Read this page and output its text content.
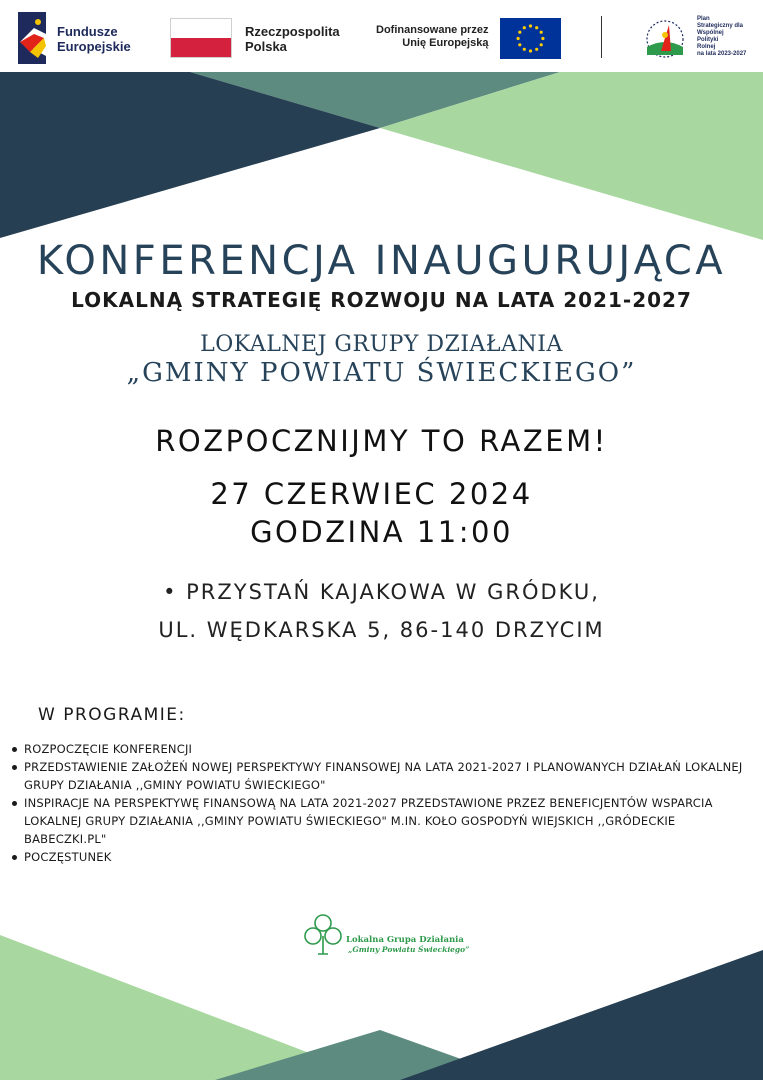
Fundusze
Europejskie
Rzeczpospolita
Polska
Dofinansowane przez
Unię Europejską
Plan
Strategiczny dla
Wspólnej
Polityki
Rolnej
na lata 2023-2027
KONFERENCJA INAUGURUJĄCA
LOKALNĄ STRATEGIĘ ROZWOJU NA LATA 2021-2027
LOKALNEJ GRUPY DZIAŁANIA
„GMINY POWIATU ŚWIECKIEGO”
ROZPOCZNIJMY TO RAZEM!
27 CZERWIEC 2024
GODZINA 11:00
• PRZYSTAŃ KAJAKOWA W GRÓDKU,
UL. WĘDKARSKA 5, 86-140 DRZYCIM
W PROGRAMIE:
ROZPOCZĘCIE KONFERENCJI
PRZEDSTAWIENIE ZAŁOŻEŃ NOWEJ PERSPEKTYWY FINANSOWEJ NA LATA 2021-2027 I PLANOWANYCH DZIAŁAŃ LOKALNEJ GRUPY DZIAŁANIA ,,GMINY POWIATU ŚWIECKIEGO"
INSPIRACJE NA PERSPEKTYWĘ FINANSOWĄ NA LATA 2021-2027 PRZEDSTAWIONE PRZEZ BENEFICJENTÓW WSPARCIA LOKALNEJ GRUPY DZIAŁANIA ,,GMINY POWIATU ŚWIECKIEGO" M.IN. KOŁO GOSPODYŃ WIEJSKICH ,,GRÓDECKIE BABECZKI.PL"
POCZĘSTUNEK
Lokalna Grupa Działania
„Gminy Powiatu Świeckiego”
